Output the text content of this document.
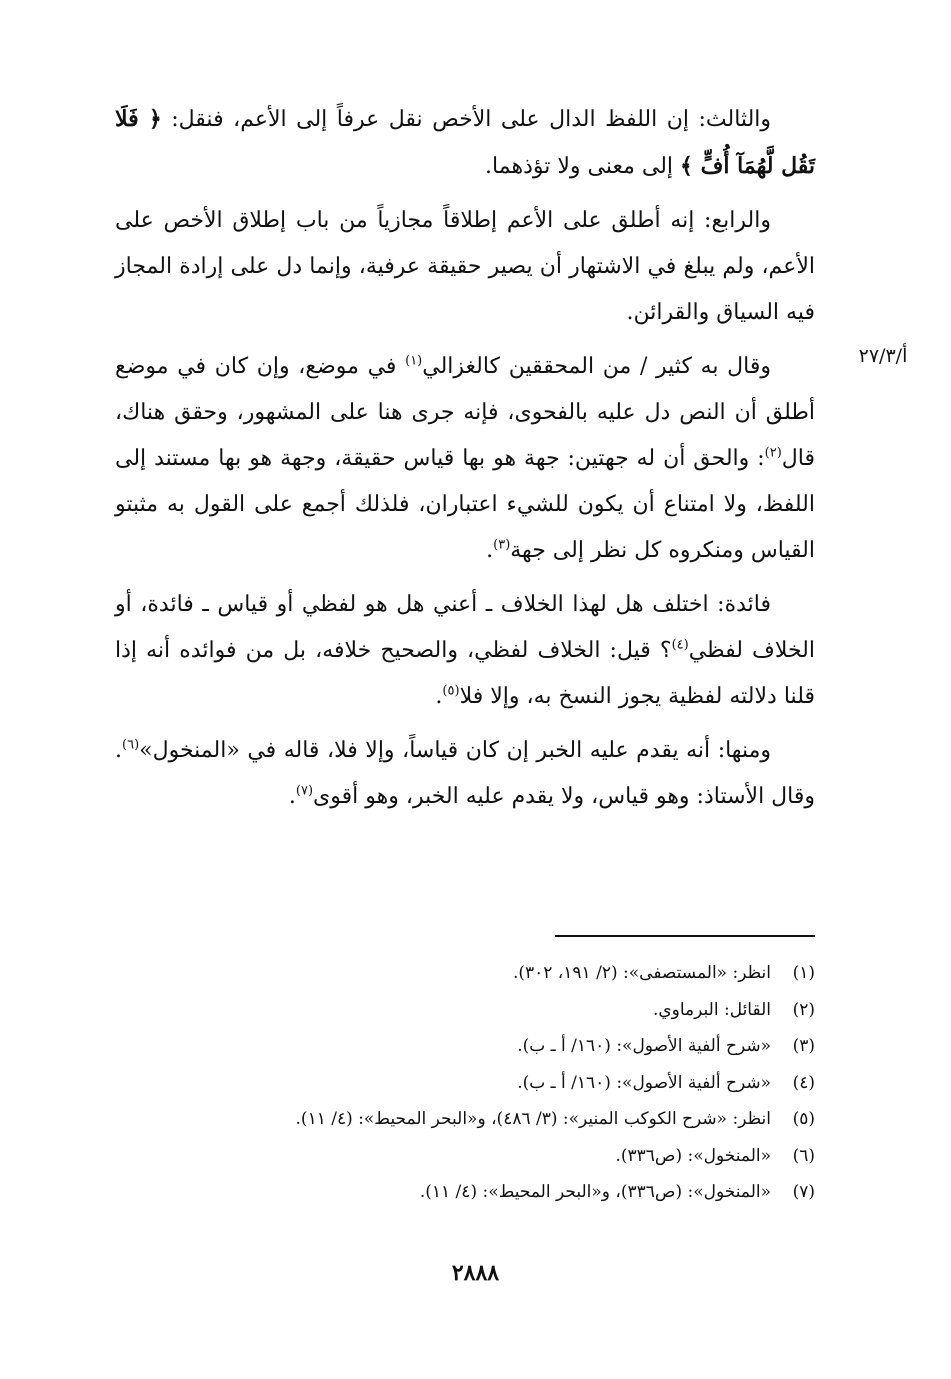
أ/٢٧/٣

والثالث: إن اللفظ الدال على الأخص نقل عرفاً إلى الأعم، فنقل: ﴿ فَلَا تَقُل لَّهُمَآ أُفٍّ ﴾ إلى معنى ولا تؤذهما.

والرابع: إنه أطلق على الأعم إطلاقاً مجازياً من باب إطلاق الأخص على الأعم، ولم يبلغ في الاشتهار أن يصير حقيقة عرفية، وإنما دل على إرادة المجاز فيه السياق والقرائن.

وقال به كثير / من المحققين كالغزالي$^{(١)}$ في موضع، وإن كان في موضع أطلق أن النص دل عليه بالفحوى، فإنه جرى هنا على المشهور، وحقق هناك، قال$^{(٢)}$: والحق أن له جهتين: جهة هو بها قياس حقيقة، وجهة هو بها مستند إلى اللفظ، ولا امتناع أن يكون للشيء اعتباران، فلذلك أجمع على القول به مثبتو القياس ومنكروه كل نظر إلى جهة$^{(٣)}$.

فائدة: اختلف هل لهذا الخلاف ـ أعني هل هو لفظي أو قياس ـ فائدة، أو الخلاف لفظي$^{(٤)}$؟ قيل: الخلاف لفظي، والصحيح خلافه، بل من فوائده أنه إذا قلنا دلالته لفظية يجوز النسخ به، وإلا فلا$^{(٥)}$.

ومنها: أنه يقدم عليه الخبر إن كان قياساً، وإلا فلا، قاله في «المنخول»$^{(٦)}$. وقال الأستاذ: وهو قياس، ولا يقدم عليه الخبر، وهو أقوى$^{(٧)}$.

(١)
انظر: «المستصفى»: (٢/ ١٩١، ٣٠٢).
(٢)
القائل: البرماوي.
(٣)
«شرح ألفية الأصول»: (١٦٠/ أ ـ ب).
(٤)
«شرح ألفية الأصول»: (١٦٠/ أ ـ ب).
(٥)
انظر: «شرح الكوكب المنير»: (٣/ ٤٨٦)، و«البحر المحيط»: (٤/ ١١).
(٦)
«المنخول»: (ص٣٣٦).
(٧)
«المنخول»: (ص٣٣٦)، و«البحر المحيط»: (٤/ ١١).
٢٨٨٨
